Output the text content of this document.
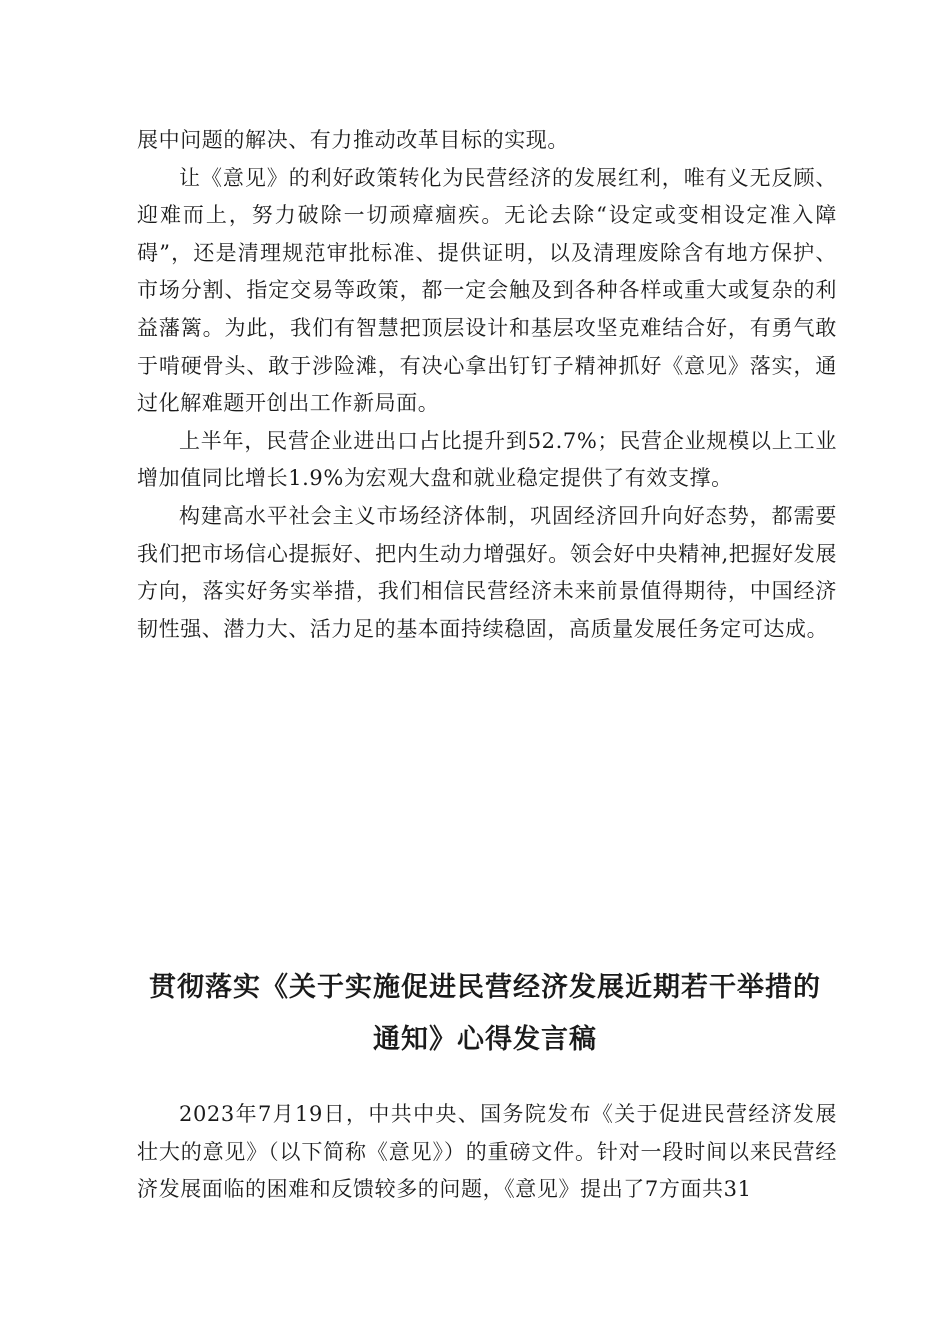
展中问题的解决、有力推动改革目标的实现。

让《意见》的利好政策转化为民营经济的发展红利，唯有义无反顾、迎难而上，努力破除一切顽瘴痼疾。无论去除“设定或变相设定准入障碍”，还是清理规范审批标准、提供证明，以及清理废除含有地方保护、市场分割、指定交易等政策，都一定会触及到各种各样或重大或复杂的利益藩篱。为此，我们有智慧把顶层设计和基层攻坚克难结合好，有勇气敢于啃硬骨头、敢于涉险滩，有决心拿出钉钉子精神抓好《意见》落实，通过化解难题开创出工作新局面。

上半年，民营企业进出口占比提升到52.7%；民营企业规模以上工业增加值同比增长1.9%为宏观大盘和就业稳定提供了有效支撑。

构建高水平社会主义市场经济体制，巩固经济回升向好态势，都需要我们把市场信心提振好、把内生动力增强好。领会好中央精神,把握好发展方向，落实好务实举措，我们相信民营经济未来前景值得期待，中国经济韧性强、潜力大、活力足的基本面持续稳固，高质量发展任务定可达成。

贯彻落实《关于实施促进民营经济发展近期若干举措的
通知》心得发言稿

2023年7月19日，中共中央、国务院发布《关于促进民营经济发展壮大的意见》（以下简称《意见》）的重磅文件。针对一段时间以来民营经济发展面临的困难和反馈较多的问题，《意见》提出了7方面共31
